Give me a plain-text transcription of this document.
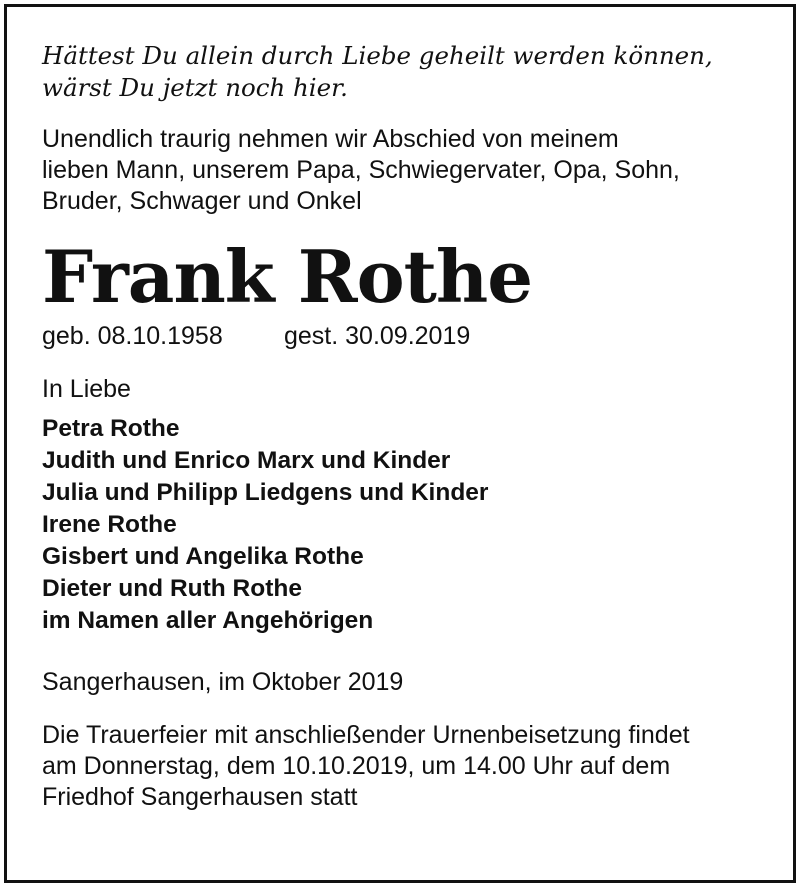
Hättest Du allein durch Liebe geheilt werden können,
wärst Du jetzt noch hier.
Unendlich traurig nehmen wir Abschied von meinem
lieben Mann, unserem Papa, Schwiegervater, Opa, Sohn,
Bruder, Schwager und Onkel
Frank Rothe
geb. 08.10.1958	gest. 30.09.2019
In Liebe
Petra Rothe
Judith und Enrico Marx und Kinder
Julia und Philipp Liedgens und Kinder
Irene Rothe
Gisbert und Angelika Rothe
Dieter und Ruth Rothe
im Namen aller Angehörigen
Sangerhausen, im Oktober 2019
Die Trauerfeier mit anschließender Urnenbeisetzung findet
am Donnerstag, dem 10.10.2019, um 14.00 Uhr auf dem
Friedhof Sangerhausen statt
